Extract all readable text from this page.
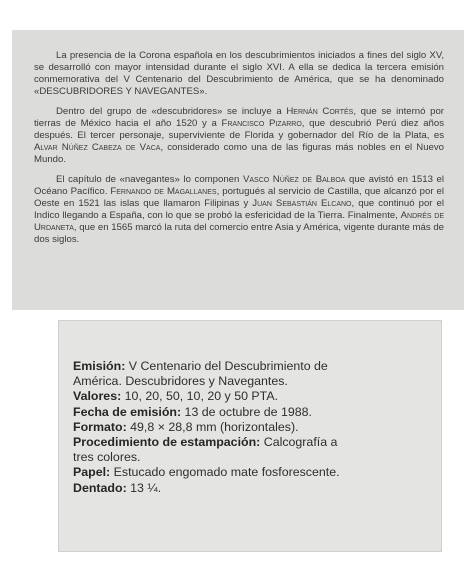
La presencia de la Corona española en los descubrimientos iniciados a fines del siglo XV, se desarrolló con mayor intensidad durante el siglo XVI. A ella se dedica la tercera emisión conmemorativa del V Centenario del Descubrimiento de América, que se ha denominado «DESCUBRIDORES Y NAVEGANTES».

Dentro del grupo de «descubridores» se incluye a Hernán Cortés, que se internó por tierras de México hacia el año 1520 y a Francisco Pizarro, que descubrió Perú diez años después. El tercer personaje, superviviente de Florida y gobernador del Río de la Plata, es Alvar Núñez Cabeza de Vaca, considerado como una de las figuras más nobles en el Nuevo Mundo.

El capítulo de «navegantes» lo componen Vasco Núñez de Balboa que avistó en 1513 el Océano Pacífico. Fernando de Magallanes, portugués al servicio de Castilla, que alcanzó por el Oeste en 1521 las islas que llamaron Filipinas y Juan Sebastián Elcano, que continuó por el Indico llegando a España, con lo que se probó la esfericidad de la Tierra. Finalmente, Andrés de Urdaneta, que en 1565 marcó la ruta del comercio entre Asia y América, vigente durante más de dos siglos.

Emisión: V Centenario del Descubrimiento de
América. Descubridores y Navegantes.
Valores: 10, 20, 50, 10, 20 y 50 PTA.
Fecha de emisión: 13 de octubre de 1988.
Formato: 49,8 × 28,8 mm (horizontales).
Procedimiento de estampación: Calcografía a
tres colores.
Papel: Estucado engomado mate fosforescente.
Dentado: 13 ¼.
